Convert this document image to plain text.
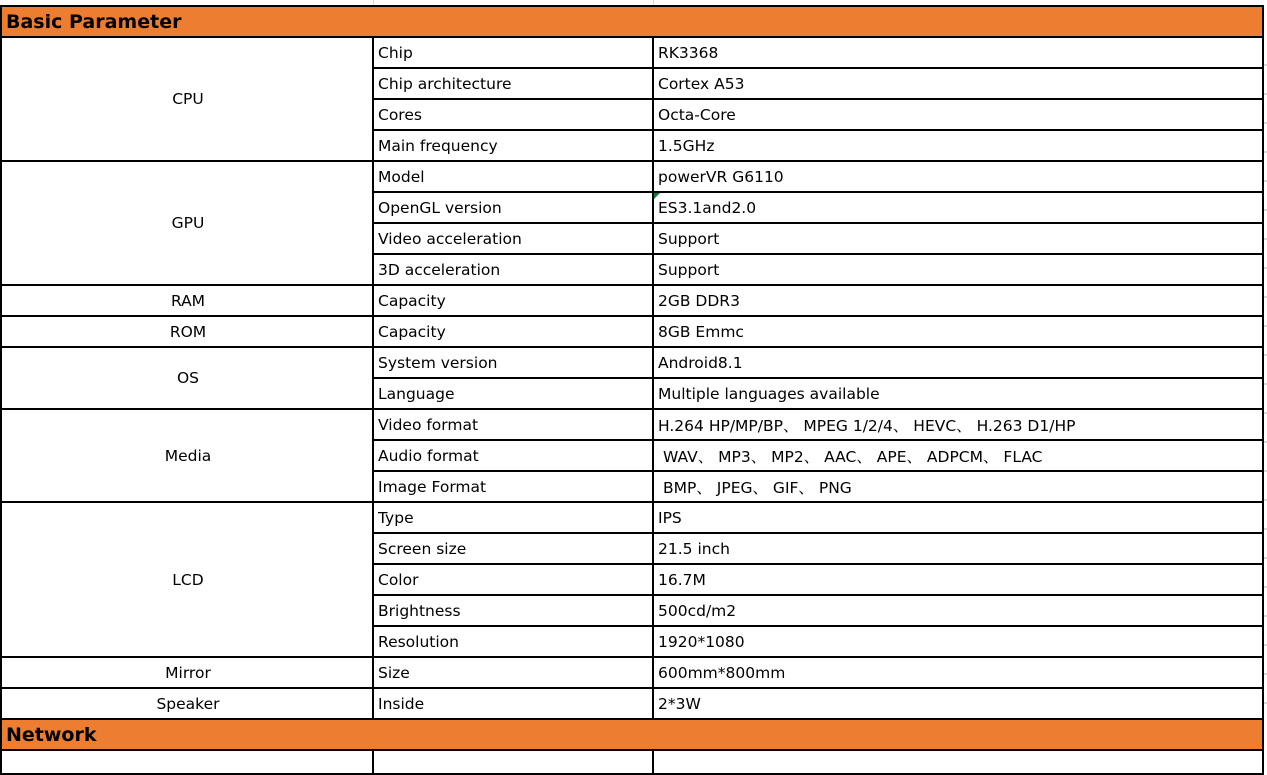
Basic Parameter		
CPU	Chip	RK3368
	Chip architecture	Cortex A53
	Cores	Octa-Core
	Main frequency	1.5GHz
GPU	Model	powerVR G6110
	OpenGL version	ES3.1and2.0
	Video acceleration	Support
	3D acceleration	Support
RAM	Capacity	2GB DDR3
ROM	Capacity	8GB Emmc
OS	System version	Android8.1
	Language	Multiple languages available
Media	Video format	H.264 HP/MP/BP、 MPEG 1/2/4、 HEVC、 H.263 D1/HP
	Audio format	WAV、 MP3、 MP2、 AAC、 APE、 ADPCM、 FLAC
	Image Format	BMP、 JPEG、 GIF、 PNG
LCD	Type	IPS
	Screen size	21.5 inch
	Color	16.7M
	Brightness	500cd/m2
	Resolution	1920*1080
Mirror	Size	600mm*800mm
Speaker	Inside	2*3W
Network		
